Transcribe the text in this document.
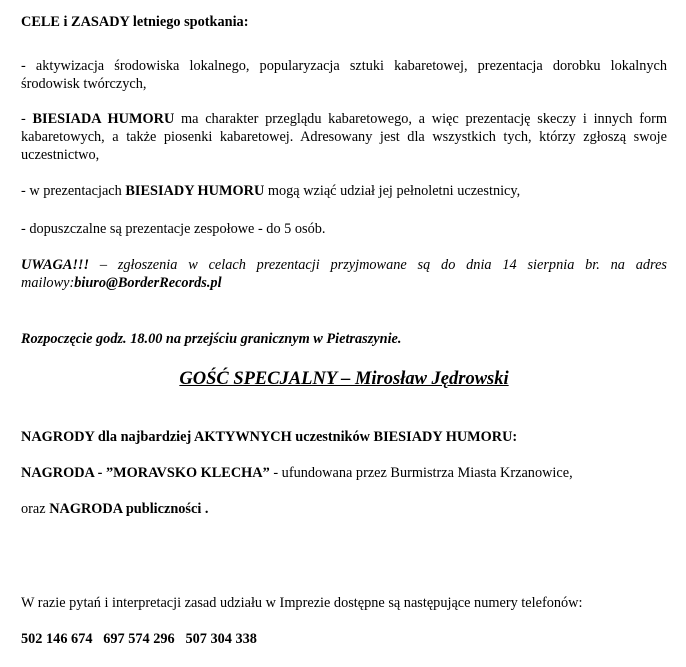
CELE i ZASADY letniego spotkania:

- aktywizacja środowiska lokalnego, popularyzacja sztuki kabaretowej, prezentacja dorobku lokalnych środowisk twórczych,

- BIESIADA HUMORU ma charakter przeglądu kabaretowego, a więc prezentację skeczy i innych form kabaretowych, a także piosenki kabaretowej. Adresowany jest dla wszystkich tych, którzy zgłoszą swoje uczestnictwo,

- w prezentacjach BIESIADY HUMORU mogą wziąć udział jej pełnoletni uczestnicy,

- dopuszczalne są prezentacje zespołowe - do 5 osób.

UWAGA!!! – zgłoszenia w celach prezentacji przyjmowane są do dnia 14 sierpnia br. na adres mailowy:biuro@BorderRecords.pl

Rozpoczęcie godz. 18.00 na przejściu granicznym w Pietraszynie.

GOŚĆ SPECJALNY – Mirosław Jędrowski

NAGRODY dla najbardziej AKTYWNYCH uczestników BIESIADY HUMORU:

NAGRODA - ”MORAVSKO KLECHA” - ufundowana przez Burmistrza Miasta Krzanowice,

oraz NAGRODA publiczności .

W razie pytań i interpretacji zasad udziału w Imprezie dostępne są następujące numery telefonów:

502 146 674 697 574 296 507 304 338
